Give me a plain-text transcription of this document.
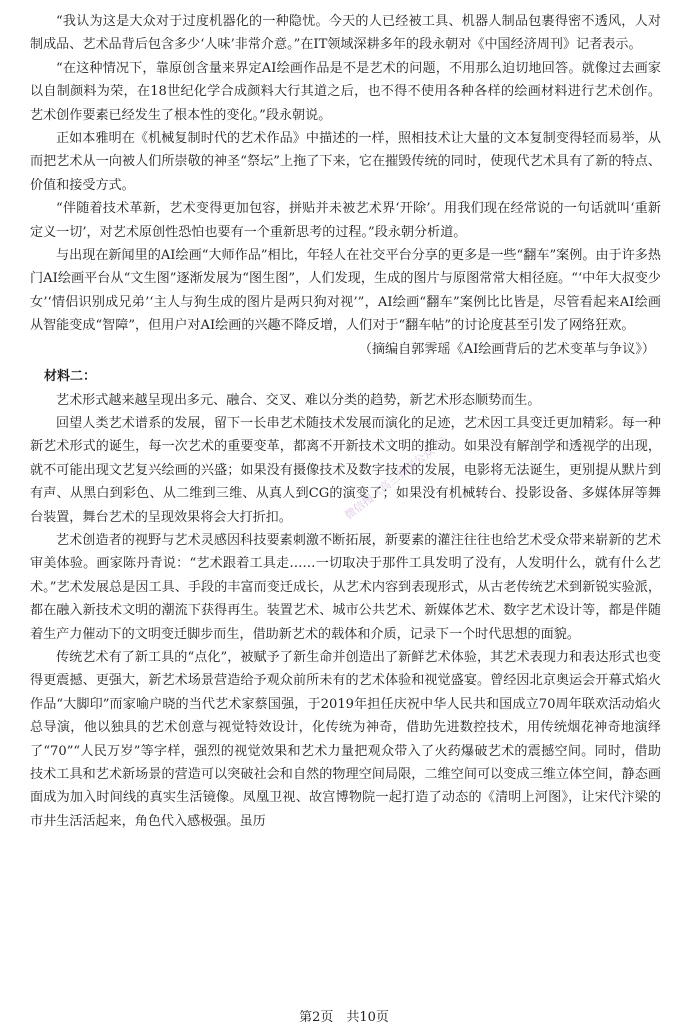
“我认为这是大众对于过度机器化的一种隐忧。今天的人已经被工具、机器人制品包裹得密不透风，人对制成品、艺术品背后包含多少‘人味’非常介意。”在IT领域深耕多年的段永朝对《中国经济周刊》记者表示。

“在这种情况下，靠原创含量来界定AI绘画作品是不是艺术的问题，不用那么迫切地回答。就像过去画家以自制颜料为荣，在18世纪化学合成颜料大行其道之后，也不得不使用各种各样的绘画材料进行艺术创作。艺术创作要素已经发生了根本性的变化。”段永朝说。

正如本雅明在《机械复制时代的艺术作品》中描述的一样，照相技术让大量的文本复制变得轻而易举，从而把艺术从一向被人们所崇敬的神圣“祭坛”上拖了下来，它在摧毁传统的同时，使现代艺术具有了新的特点、价值和接受方式。

“伴随着技术革新，艺术变得更加包容，拼贴并未被艺术界‘开除’。用我们现在经常说的一句话就叫‘重新定义一切’，对艺术原创性恐怕也要有一个重新思考的过程。”段永朝分析道。

与出现在新闻里的AI绘画“大师作品”相比，年轻人在社交平台分享的更多是一些“翻车”案例。由于许多热门AI绘画平台从“文生图”逐渐发展为“图生图”，人们发现，生成的图片与原图常常大相径庭。“‘中年大叔变少女’‘情侣识别成兄弟’‘主人与狗生成的图片是两只狗对视’”，AI绘画“翻车”案例比比皆是，尽管看起来AI绘画从智能变成“智障”，但用户对AI绘画的兴趣不降反增，人们对于“翻车帖”的讨论度甚至引发了网络狂欢。

（摘编自郭霁瑶《AI绘画背后的艺术变革与争议》）

材料二：

艺术形式越来越呈现出多元、融合、交叉、难以分类的趋势，新艺术形态顺势而生。

回望人类艺术谱系的发展，留下一长串艺术随技术发展而演化的足迹，艺术因工具变迁更加精彩。每一种新艺术形式的诞生，每一次艺术的重要变革，都离不开新技术文明的推动。如果没有解剖学和透视学的出现，就不可能出现文艺复兴绘画的兴盛；如果没有摄像技术及数字技术的发展，电影将无法诞生，更别提从默片到有声、从黑白到彩色、从二维到三维、从真人到CG的演变了；如果没有机械转台、投影设备、多媒体屏等舞台装置，舞台艺术的呈现效果将会大打折扣。

艺术创造者的视野与艺术灵感因科技要素刺激不断拓展，新要素的灌注往往也给艺术受众带来崭新的艺术审美体验。画家陈丹青说：“艺术跟着工具走……一切取决于那件工具发明了没有，人发明什么，就有什么艺术。”艺术发展总是因工具、手段的丰富而变迁成长，从艺术内容到表现形式，从古老传统艺术到新锐实验派，都在融入新技术文明的潮流下获得再生。装置艺术、城市公共艺术、新媒体艺术、数字艺术设计等，都是伴随着生产力催动下的文明变迁脚步而生，借助新艺术的载体和介质，记录下一个时代思想的面貌。

传统艺术有了新工具的“点化”，被赋予了新生命并创造出了新鲜艺术体验，其艺术表现力和表达形式也变得更震撼、更强大，新艺术场景营造给予观众前所未有的艺术体验和视觉盛宴。曾经因北京奥运会开幕式焰火作品“大脚印”而家喻户晓的当代艺术家蔡国强，于2019年担任庆祝中华人民共和国成立70周年联欢活动焰火总导演，他以独具的艺术创意与视觉特效设计，化传统为神奇，借助先进数控技术，用传统烟花神奇地演绎了“70”“人民万岁”等字样，强烈的视觉效果和艺术力量把观众带入了火药爆破艺术的震撼空间。同时，借助技术工具和艺术新场景的营造可以突破社会和自然的物理空间局限，二维空间可以变成三维立体空间，静态画面成为加入时间线的真实生活镜像。凤凰卫视、故宫博物院一起打造了动态的《清明上河图》，让宋代汴梁的市井生活活起来，角色代入感极强。虽历

微信搜《高三答案公众号》
第2页　共10页
